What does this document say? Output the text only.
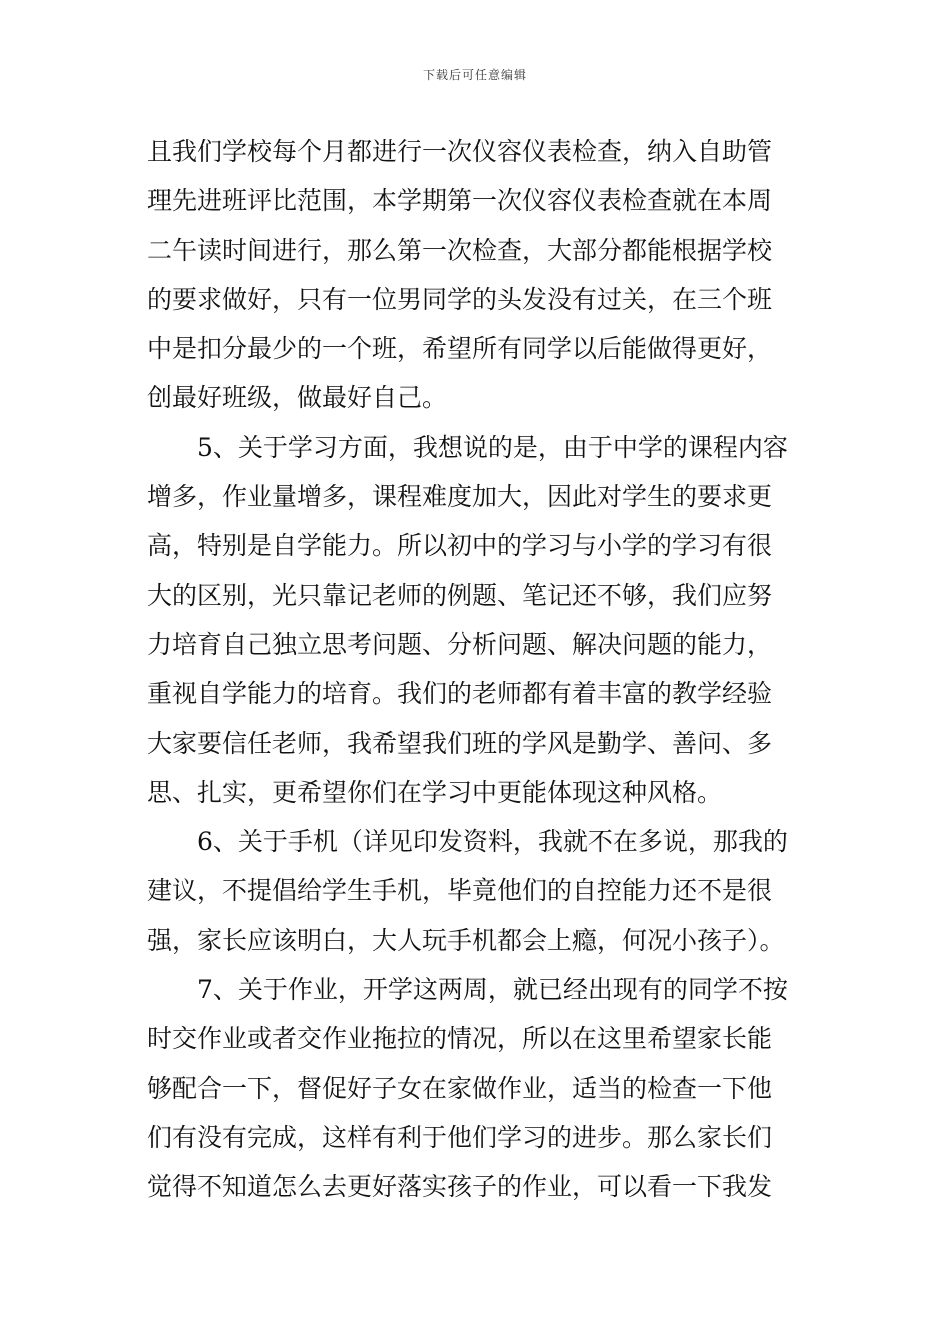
下载后可任意编辑
且我们学校每个月都进行一次仪容仪表检查，纳入自助管
理先进班评比范围，本学期第一次仪容仪表检查就在本周
二午读时间进行，那么第一次检查，大部分都能根据学校
的要求做好，只有一位男同学的头发没有过关，在三个班
中是扣分最少的一个班，希望所有同学以后能做得更好，
创最好班级，做最好自己。
5、关于学习方面，我想说的是，由于中学的课程内容
增多，作业量增多，课程难度加大，因此对学生的要求更
高，特别是自学能力。所以初中的学习与小学的学习有很
大的区别，光只靠记老师的例题、笔记还不够，我们应努
力培育自己独立思考问题、分析问题、解决问题的能力，
重视自学能力的培育。我们的老师都有着丰富的教学经验
大家要信任老师，我希望我们班的学风是勤学、善问、多
思、扎实，更希望你们在学习中更能体现这种风格。
6、关于手机（详见印发资料，我就不在多说，那我的
建议，不提倡给学生手机，毕竟他们的自控能力还不是很
强，家长应该明白，大人玩手机都会上瘾，何况小孩子）。
7、关于作业，开学这两周，就已经出现有的同学不按
时交作业或者交作业拖拉的情况，所以在这里希望家长能
够配合一下，督促好子女在家做作业，适当的检查一下他
们有没有完成，这样有利于他们学习的进步。那么家长们
觉得不知道怎么去更好落实孩子的作业，可以看一下我发
